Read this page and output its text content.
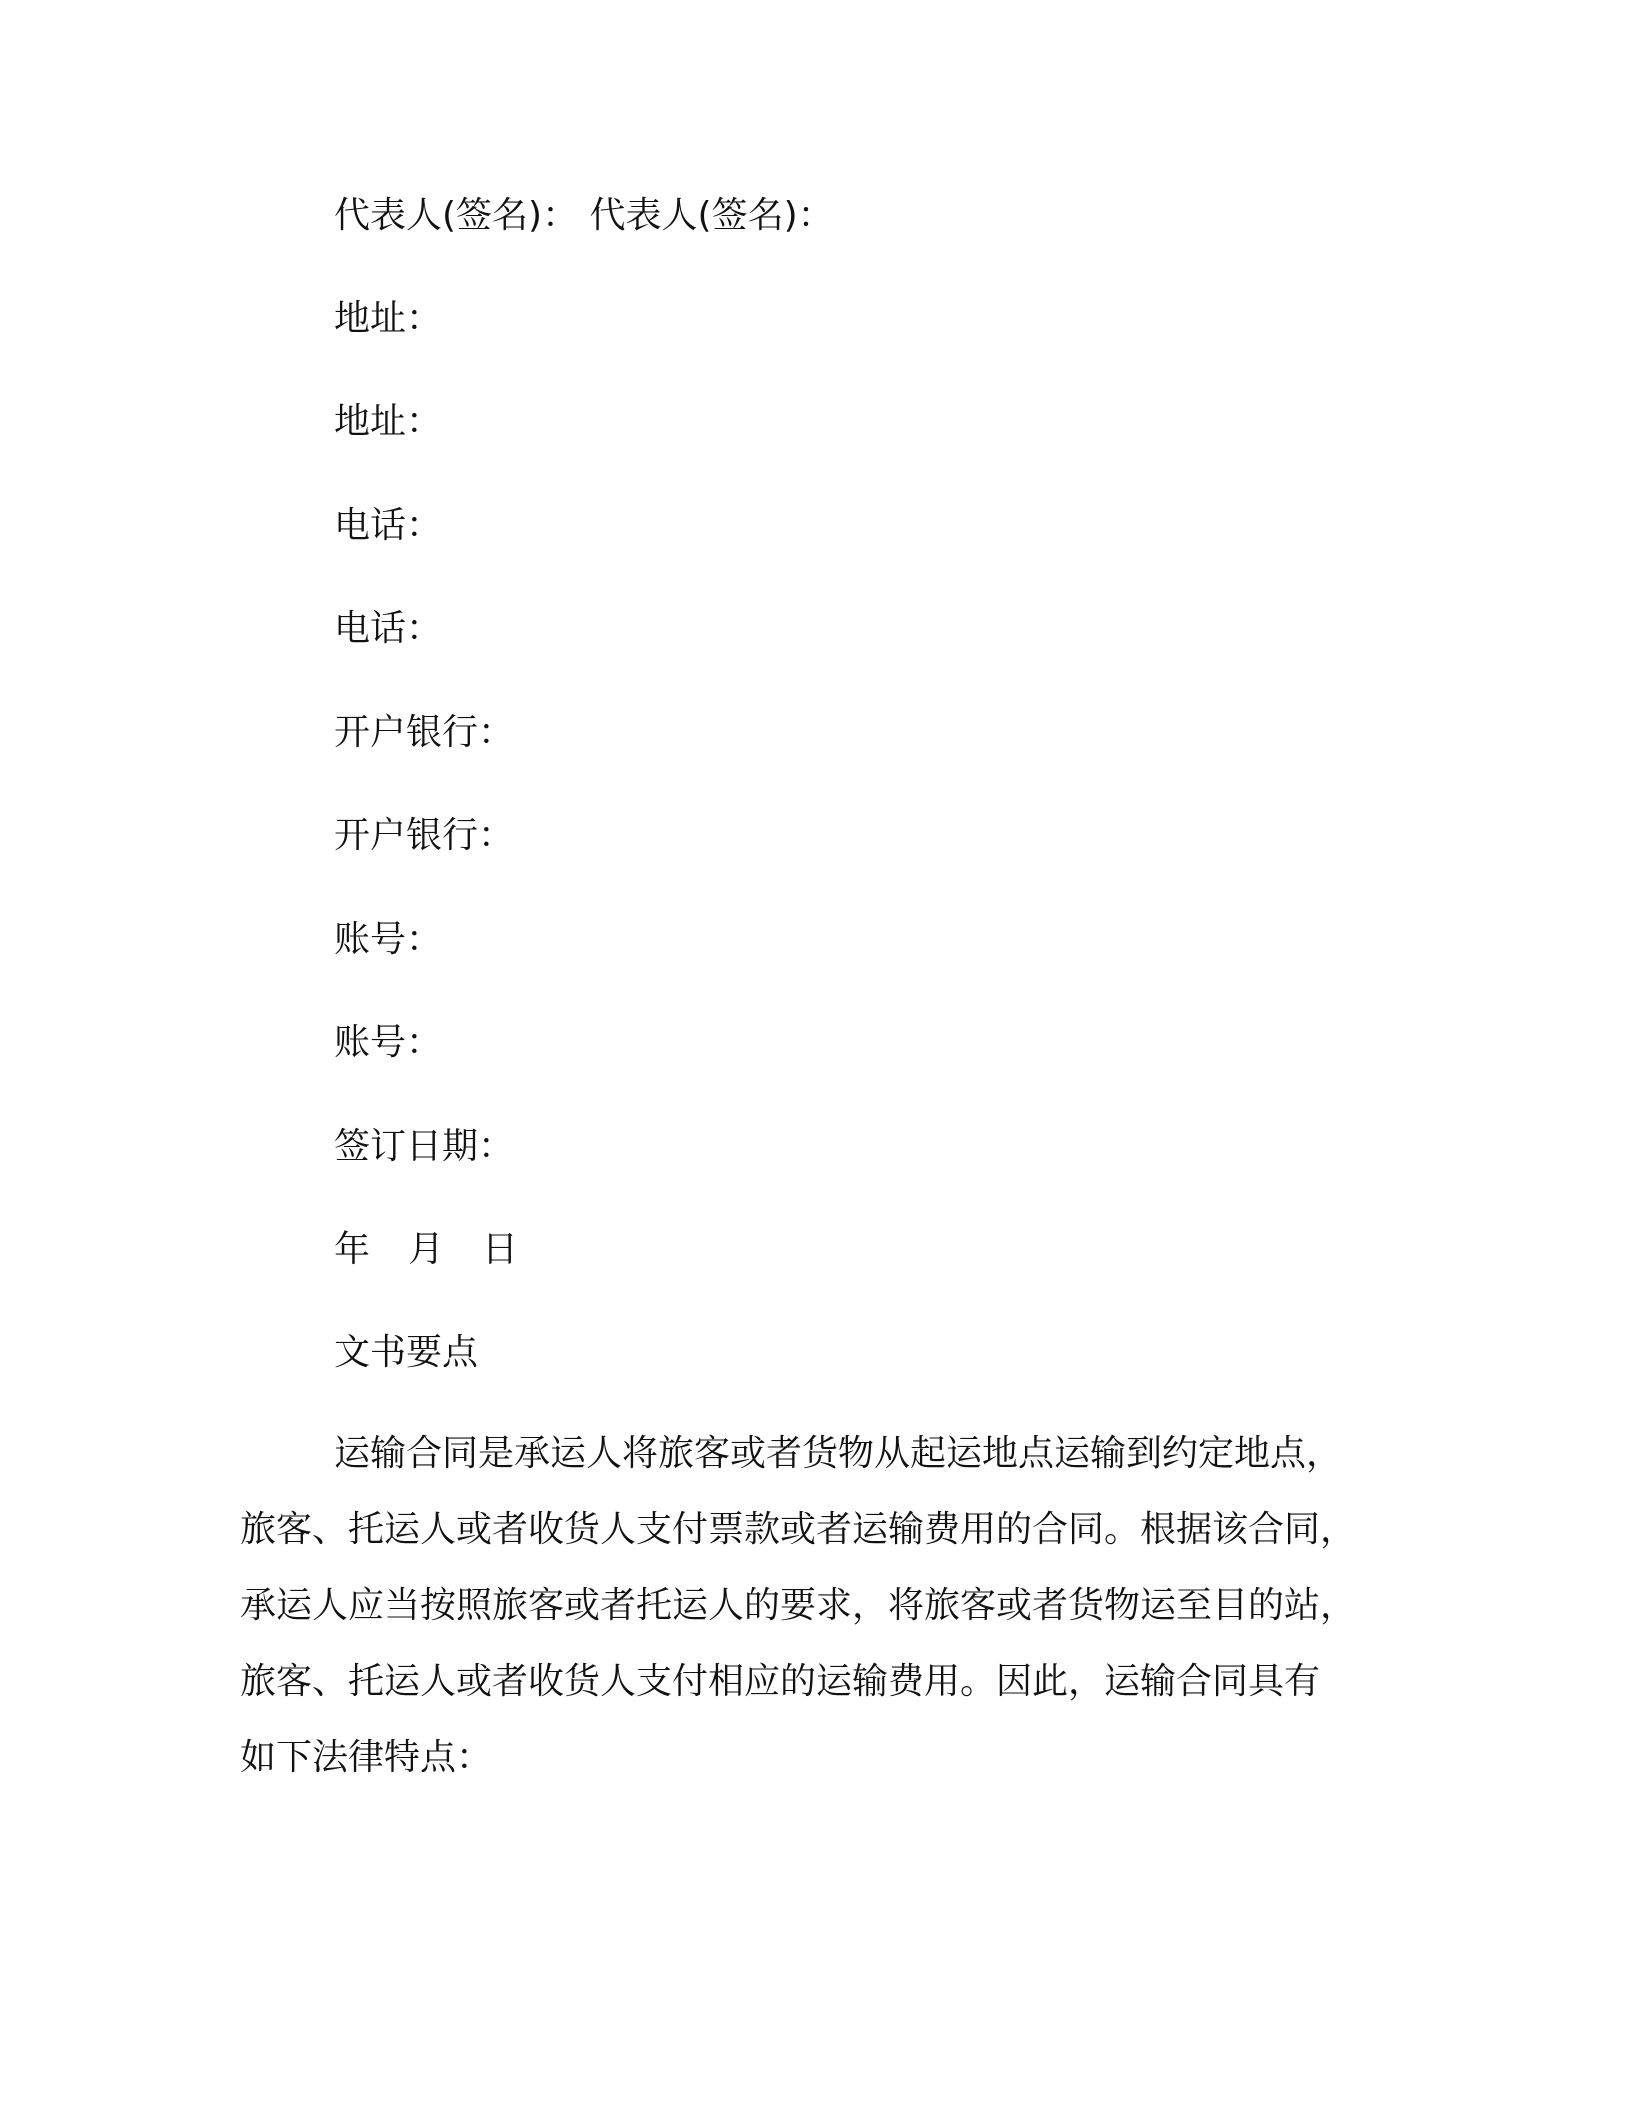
代表人(签名)： 代表人(签名)：
地址：
地址：
电话：
电话：
开户银行：
开户银行：
账号：
账号：
签订日期：
年 月 日
文书要点
运输合同是承运人将旅客或者货物从起运地点运输到约定地点，
旅客、托运人或者收货人支付票款或者运输费用的合同。根据该合同，
承运人应当按照旅客或者托运人的要求，将旅客或者货物运至目的站，
旅客、托运人或者收货人支付相应的运输费用。因此，运输合同具有
如下法律特点：
